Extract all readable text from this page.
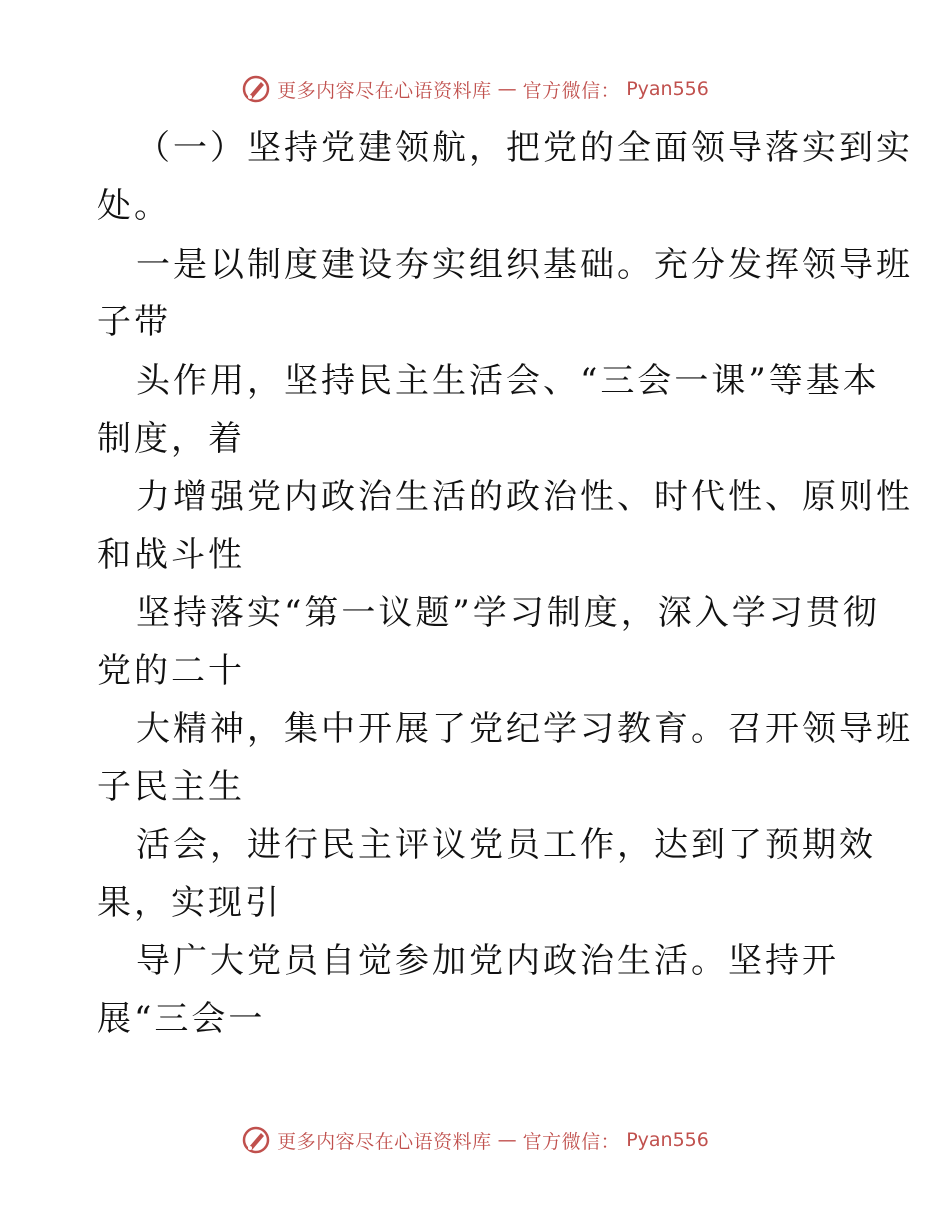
更多内容尽在心语资料库 — 官方微信： Pyan556
（一）坚持党建领航，把党的全面领导落实到实
处。
一是以制度建设夯实组织基础。充分发挥领导班
子带
头作用，坚持民主生活会、“三会一课”等基本
制度，着
力增强党内政治生活的政治性、时代性、原则性
和战斗性
坚持落实“第一议题”学习制度，深入学习贯彻
党的二十
大精神，集中开展了党纪学习教育。召开领导班
子民主生
活会，进行民主评议党员工作，达到了预期效
果，实现引
导广大党员自觉参加党内政治生活。坚持开
展“三会一
更多内容尽在心语资料库 — 官方微信： Pyan556
